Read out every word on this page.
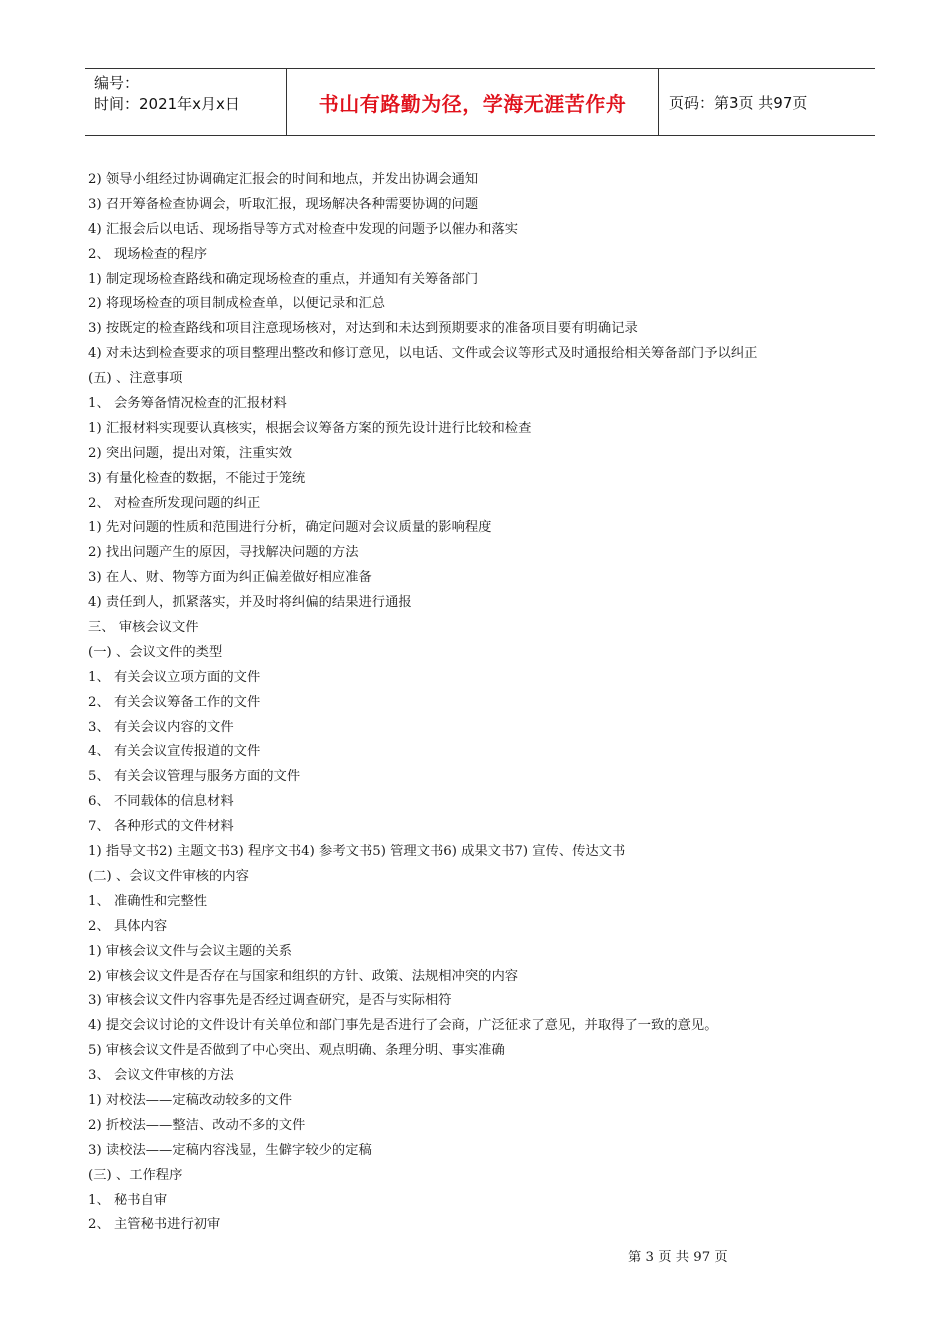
编号：
时间：2021年x月x日	书山有路勤为径，学海无涯苦作舟	页码：第3页 共97页
2) 领导小组经过协调确定汇报会的时间和地点，并发出协调会通知
3) 召开筹备检查协调会，听取汇报，现场解决各种需要协调的问题
4) 汇报会后以电话、现场指导等方式对检查中发现的问题予以催办和落实
2、 现场检查的程序
1) 制定现场检查路线和确定现场检查的重点，并通知有关筹备部门
2) 将现场检查的项目制成检查单，以便记录和汇总
3) 按既定的检查路线和项目注意现场核对，对达到和未达到预期要求的准备项目要有明确记录
4) 对未达到检查要求的项目整理出整改和修订意见，以电话、文件或会议等形式及时通报给相关筹备部门予以纠正
(五) 、注意事项
1、 会务筹备情况检查的汇报材料
1) 汇报材料实现要认真核实，根据会议筹备方案的预先设计进行比较和检查
2) 突出问题，提出对策，注重实效
3) 有量化检查的数据，不能过于笼统
2、 对检查所发现问题的纠正
1) 先对问题的性质和范围进行分析，确定问题对会议质量的影响程度
2) 找出问题产生的原因，寻找解决问题的方法
3) 在人、财、物等方面为纠正偏差做好相应准备
4) 责任到人，抓紧落实，并及时将纠偏的结果进行通报
三、 审核会议文件
(一) 、会议文件的类型
1、 有关会议立项方面的文件
2、 有关会议筹备工作的文件
3、 有关会议内容的文件
4、 有关会议宣传报道的文件
5、 有关会议管理与服务方面的文件
6、 不同载体的信息材料
7、 各种形式的文件材料
1) 指导文书2) 主题文书3) 程序文书4) 参考文书5) 管理文书6) 成果文书7) 宣传、传达文书
(二) 、会议文件审核的内容
1、 准确性和完整性
2、 具体内容
1) 审核会议文件与会议主题的关系
2) 审核会议文件是否存在与国家和组织的方针、政策、法规相冲突的内容
3) 审核会议文件内容事先是否经过调查研究，是否与实际相符
4) 提交会议讨论的文件设计有关单位和部门事先是否进行了会商，广泛征求了意见，并取得了一致的意见。
5) 审核会议文件是否做到了中心突出、观点明确、条理分明、事实准确
3、 会议文件审核的方法
1) 对校法——定稿改动较多的文件
2) 折校法——整洁、改动不多的文件
3) 读校法——定稿内容浅显，生僻字较少的定稿
(三) 、工作程序
1、 秘书自审
2、 主管秘书进行初审
第 3 页 共 97 页
